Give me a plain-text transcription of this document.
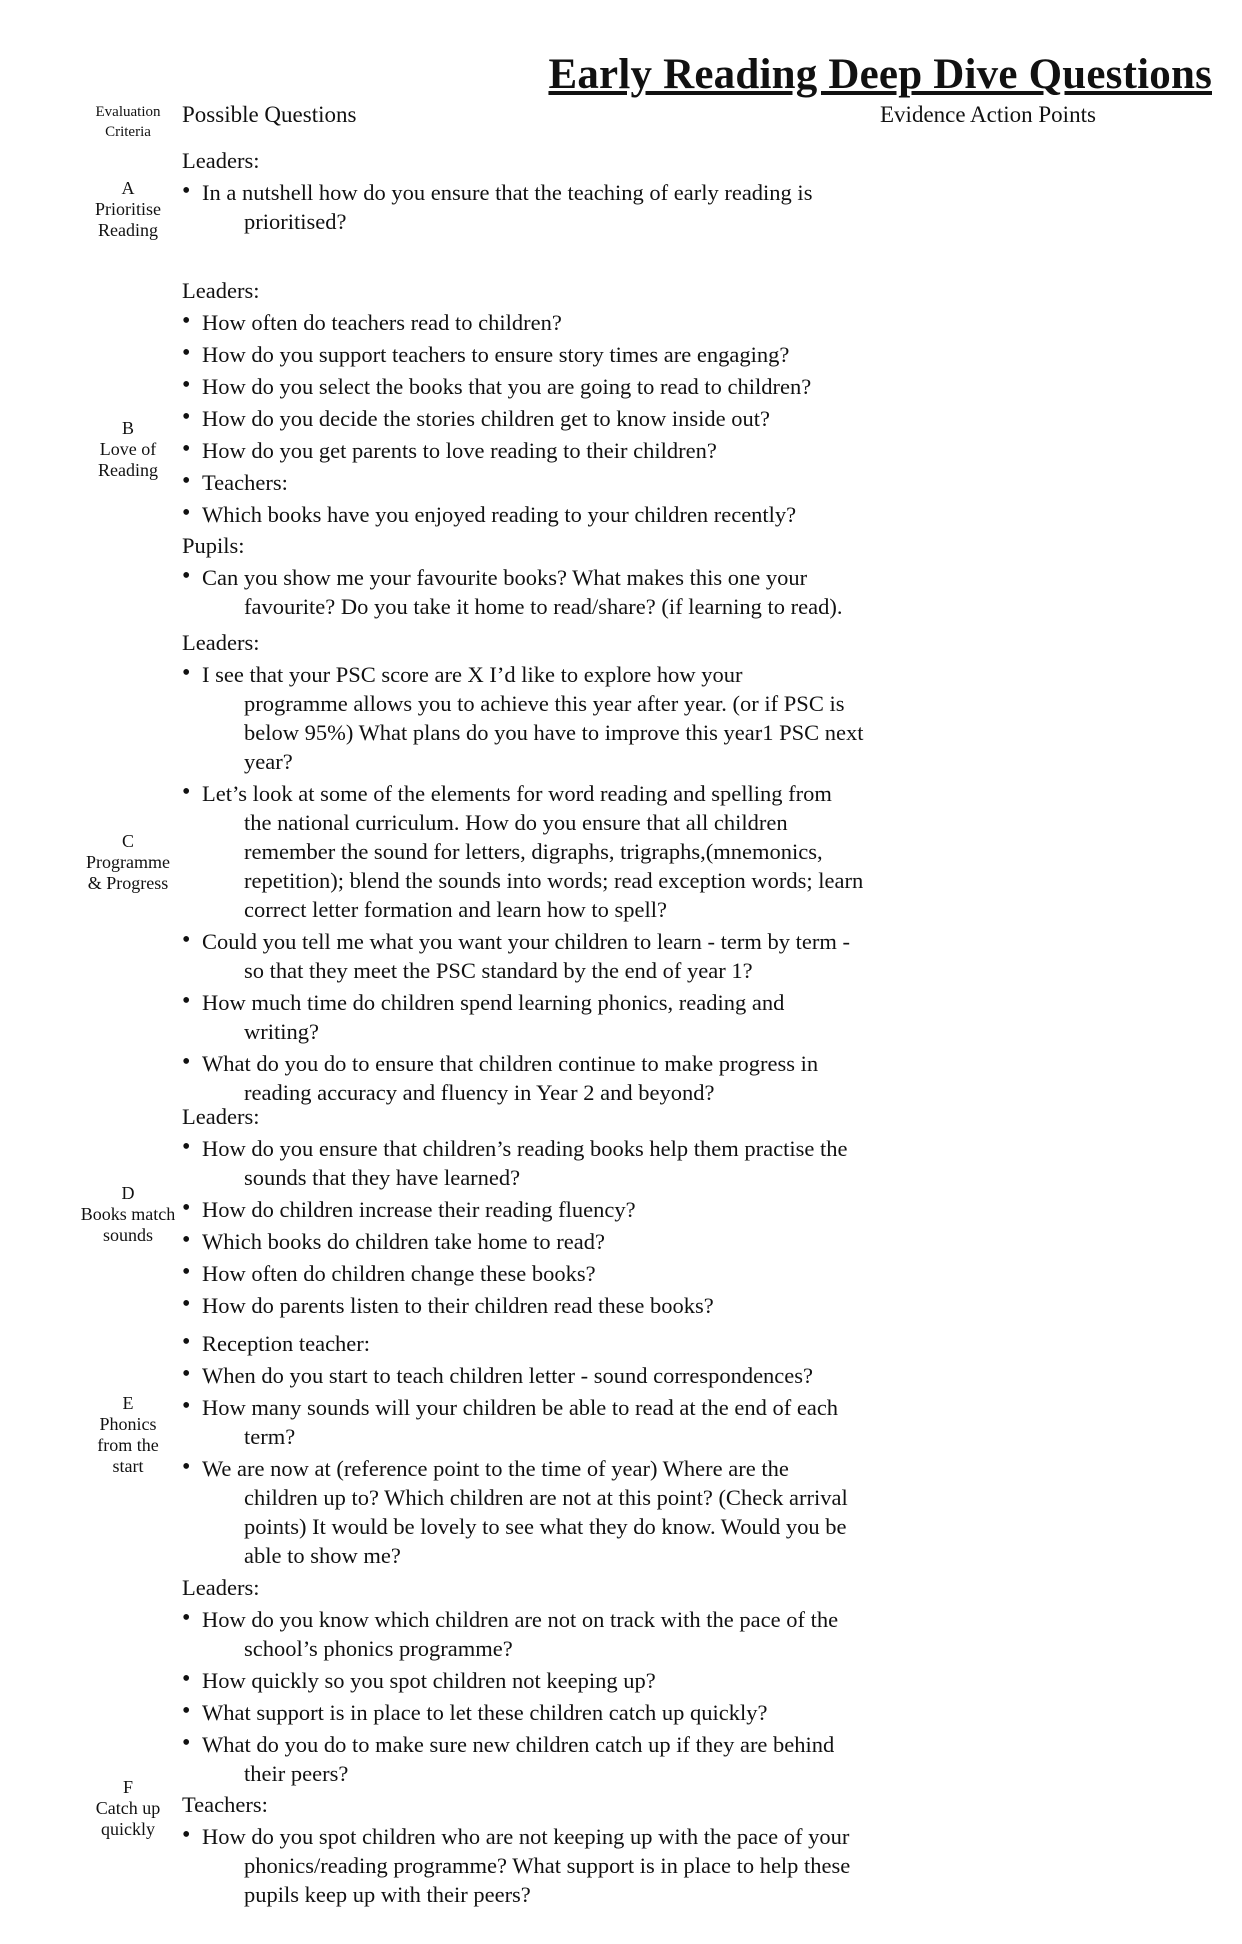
Early Reading Deep Dive Questions
Evaluation
Criteria
Possible Questions	Evidence Action Points
A
Prioritise
Reading
B
Love of
Reading
C
Programme
& Progress
D
Books match
sounds
E
Phonics
from the
start
F
Catch up
quickly
Leaders:
• In a nutshell how do you ensure that the teaching of early reading is
prioritised?
Leaders:
• How often do teachers read to children?
• How do you support teachers to ensure story times are engaging?
• How do you select the books that you are going to read to children?
• How do you decide the stories children get to know inside out?
• How do you get parents to love reading to their children?
• Teachers:
• Which books have you enjoyed reading to your children recently?
Pupils:
• Can you show me your favourite books? What makes this one your
favourite? Do you take it home to read/share? (if learning to read).
Leaders:
• I see that your PSC score are X I’d like to explore how your
programme allows you to achieve this year after year. (or if PSC is
below 95%) What plans do you have to improve this year1 PSC next
year?
• Let’s look at some of the elements for word reading and spelling from
the national curriculum. How do you ensure that all children
remember the sound for letters, digraphs, trigraphs,(mnemonics,
repetition); blend the sounds into words; read exception words; learn
correct letter formation and learn how to spell?
• Could you tell me what you want your children to learn - term by term -
so that they meet the PSC standard by the end of year 1?
• How much time do children spend learning phonics, reading and
writing?
• What do you do to ensure that children continue to make progress in
reading accuracy and fluency in Year 2 and beyond?
Leaders:
• How do you ensure that children’s reading books help them practise the
sounds that they have learned?
• How do children increase their reading fluency?
• Which books do children take home to read?
• How often do children change these books?
• How do parents listen to their children read these books?
• Reception teacher:
• When do you start to teach children letter - sound correspondences?
• How many sounds will your children be able to read at the end of each
term?
• We are now at (reference point to the time of year) Where are the
children up to? Which children are not at this point? (Check arrival
points) It would be lovely to see what they do know. Would you be
able to show me?
Leaders:
• How do you know which children are not on track with the pace of the
school’s phonics programme?
• How quickly so you spot children not keeping up?
• What support is in place to let these children catch up quickly?
• What do you do to make sure new children catch up if they are behind
their peers?
Teachers:
• How do you spot children who are not keeping up with the pace of your
phonics/reading programme? What support is in place to help these
pupils keep up with their peers?
